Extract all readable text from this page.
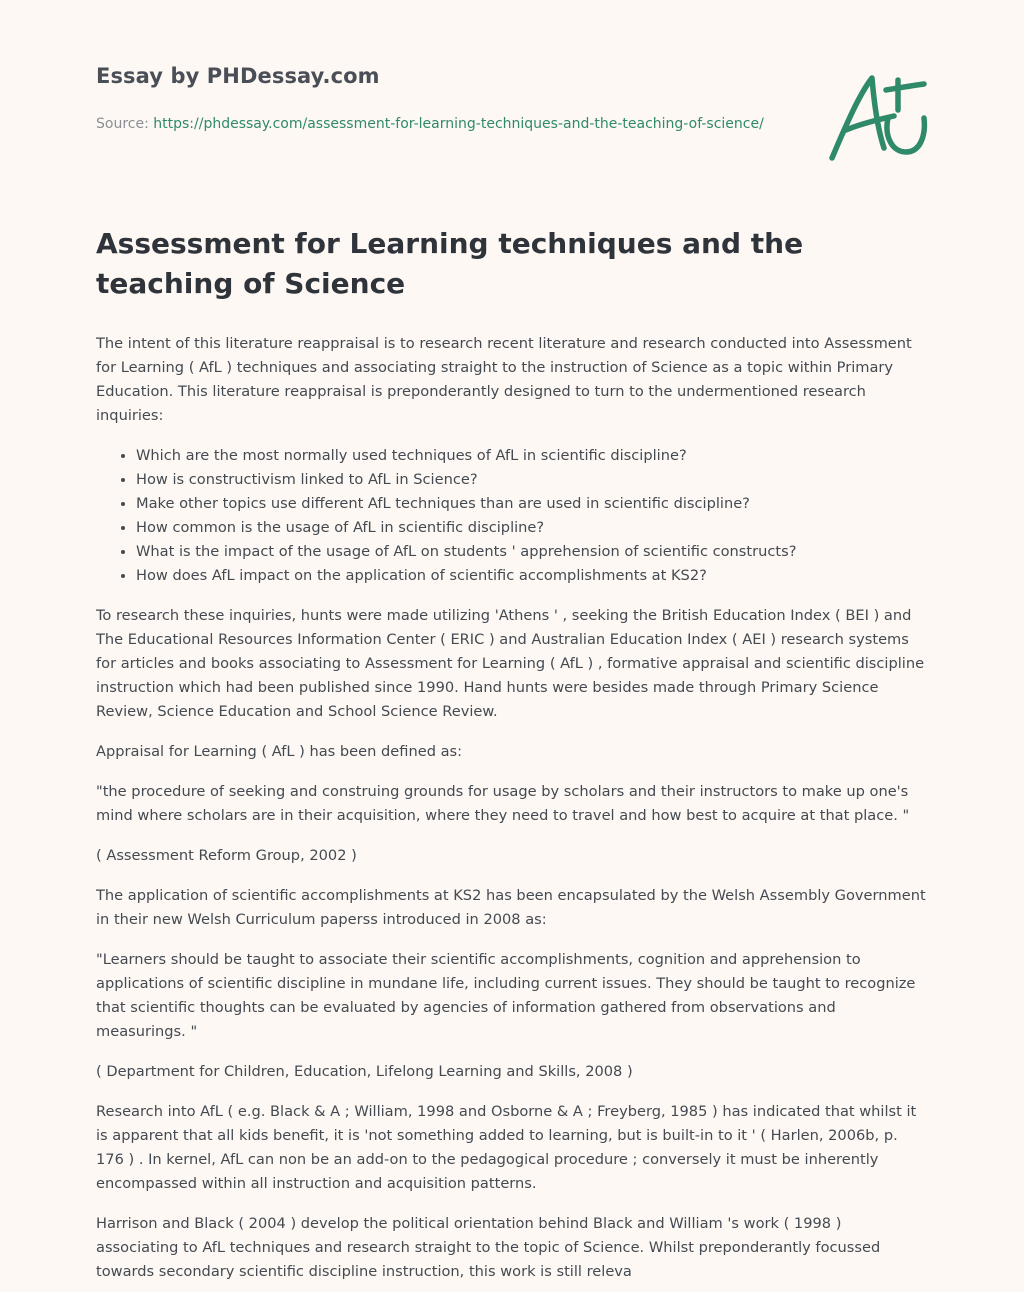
Essay by PHDessay.com
Source: https://phdessay.com/assessment-for-learning-techniques-and-the-teaching-of-science/
Assessment for Learning techniques and the teaching of Science

The intent of this literature reappraisal is to research recent literature and research conducted into Assessment for Learning ( AfL ) techniques and associating straight to the instruction of Science as a topic within Primary Education. This literature reappraisal is preponderantly designed to turn to the undermentioned research inquiries:

• Which are the most normally used techniques of AfL in scientific discipline?
• How is constructivism linked to AfL in Science?
• Make other topics use different AfL techniques than are used in scientific discipline?
• How common is the usage of AfL in scientific discipline?
• What is the impact of the usage of AfL on students ' apprehension of scientific constructs?
• How does AfL impact on the application of scientific accomplishments at KS2?

To research these inquiries, hunts were made utilizing 'Athens ' , seeking the British Education Index ( BEI ) and The Educational Resources Information Center ( ERIC ) and Australian Education Index ( AEI ) research systems for articles and books associating to Assessment for Learning ( AfL ) , formative appraisal and scientific discipline instruction which had been published since 1990. Hand hunts were besides made through Primary Science Review, Science Education and School Science Review.

Appraisal for Learning ( AfL ) has been defined as:

"the procedure of seeking and construing grounds for usage by scholars and their instructors to make up one's mind where scholars are in their acquisition, where they need to travel and how best to acquire at that place. "

( Assessment Reform Group, 2002 )

The application of scientific accomplishments at KS2 has been encapsulated by the Welsh Assembly Government in their new Welsh Curriculum paperss introduced in 2008 as:

"Learners should be taught to associate their scientific accomplishments, cognition and apprehension to applications of scientific discipline in mundane life, including current issues. They should be taught to recognize that scientific thoughts can be evaluated by agencies of information gathered from observations and measurings. "

( Department for Children, Education, Lifelong Learning and Skills, 2008 )

Research into AfL ( e.g. Black & A ; William, 1998 and Osborne & A ; Freyberg, 1985 ) has indicated that whilst it is apparent that all kids benefit, it is 'not something added to learning, but is built-in to it ' ( Harlen, 2006b, p. 176 ) . In kernel, AfL can non be an add-on to the pedagogical procedure ; conversely it must be inherently encompassed within all instruction and acquisition patterns.

Harrison and Black ( 2004 ) develop the political orientation behind Black and William 's work ( 1998 ) associating to AfL techniques and research straight to the topic of Science. Whilst preponderantly focussed towards secondary scientific discipline instruction, this work is still releva
